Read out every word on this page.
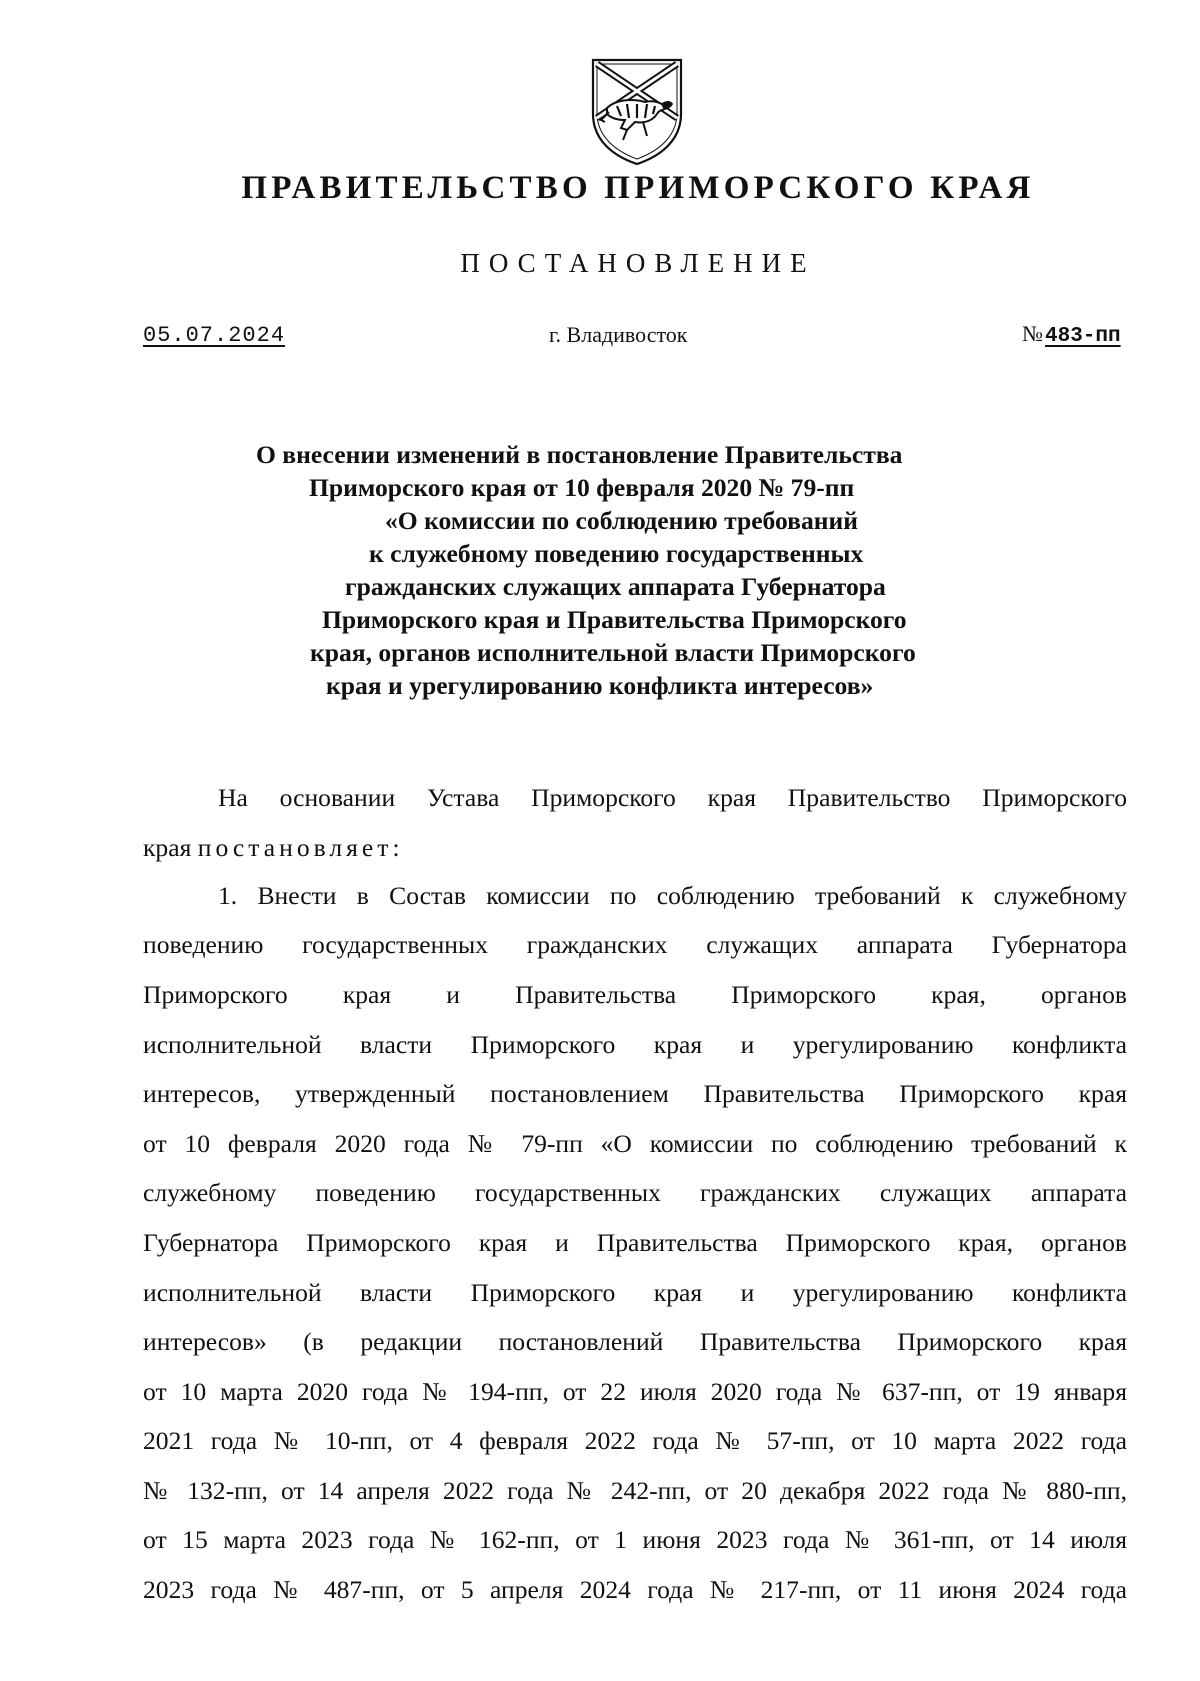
ПРАВИТЕЛЬСТВО ПРИМОРСКОГО КРАЯ
ПОСТАНОВЛЕНИЕ
05.07.2024	г. Владивосток	№483-пп
О внесении изменений в постановление Правительства
Приморского края от 10 февраля 2020 № 79-пп
«О комиссии по соблюдению требований
к служебному поведению государственных
гражданских служащих аппарата Губернатора
Приморского края и Правительства Приморского
края, органов исполнительной власти Приморского
края и урегулированию конфликта интересов»
На основании Устава Приморского края Правительство Приморского
края постановляет:
1. Внести в Состав комиссии по соблюдению требований к служебному
поведению государственных гражданских служащих аппарата Губернатора
Приморского края и Правительства Приморского края, органов
исполнительной власти Приморского края и урегулированию конфликта
интересов, утвержденный постановлением Правительства Приморского края
от 10 февраля 2020 года № 79-пп «О комиссии по соблюдению требований к
служебному поведению государственных гражданских служащих аппарата
Губернатора Приморского края и Правительства Приморского края, органов
исполнительной власти Приморского края и урегулированию конфликта
интересов» (в редакции постановлений Правительства Приморского края
от 10 марта 2020 года № 194-пп, от 22 июля 2020 года № 637-пп, от 19 января
2021 года № 10-пп, от 4 февраля 2022 года № 57-пп, от 10 марта 2022 года
№ 132-пп, от 14 апреля 2022 года № 242-пп, от 20 декабря 2022 года № 880-пп,
от 15 марта 2023 года № 162-пп, от 1 июня 2023 года № 361-пп, от 14 июля
2023 года № 487-пп, от 5 апреля 2024 года № 217-пп, от 11 июня 2024 года
